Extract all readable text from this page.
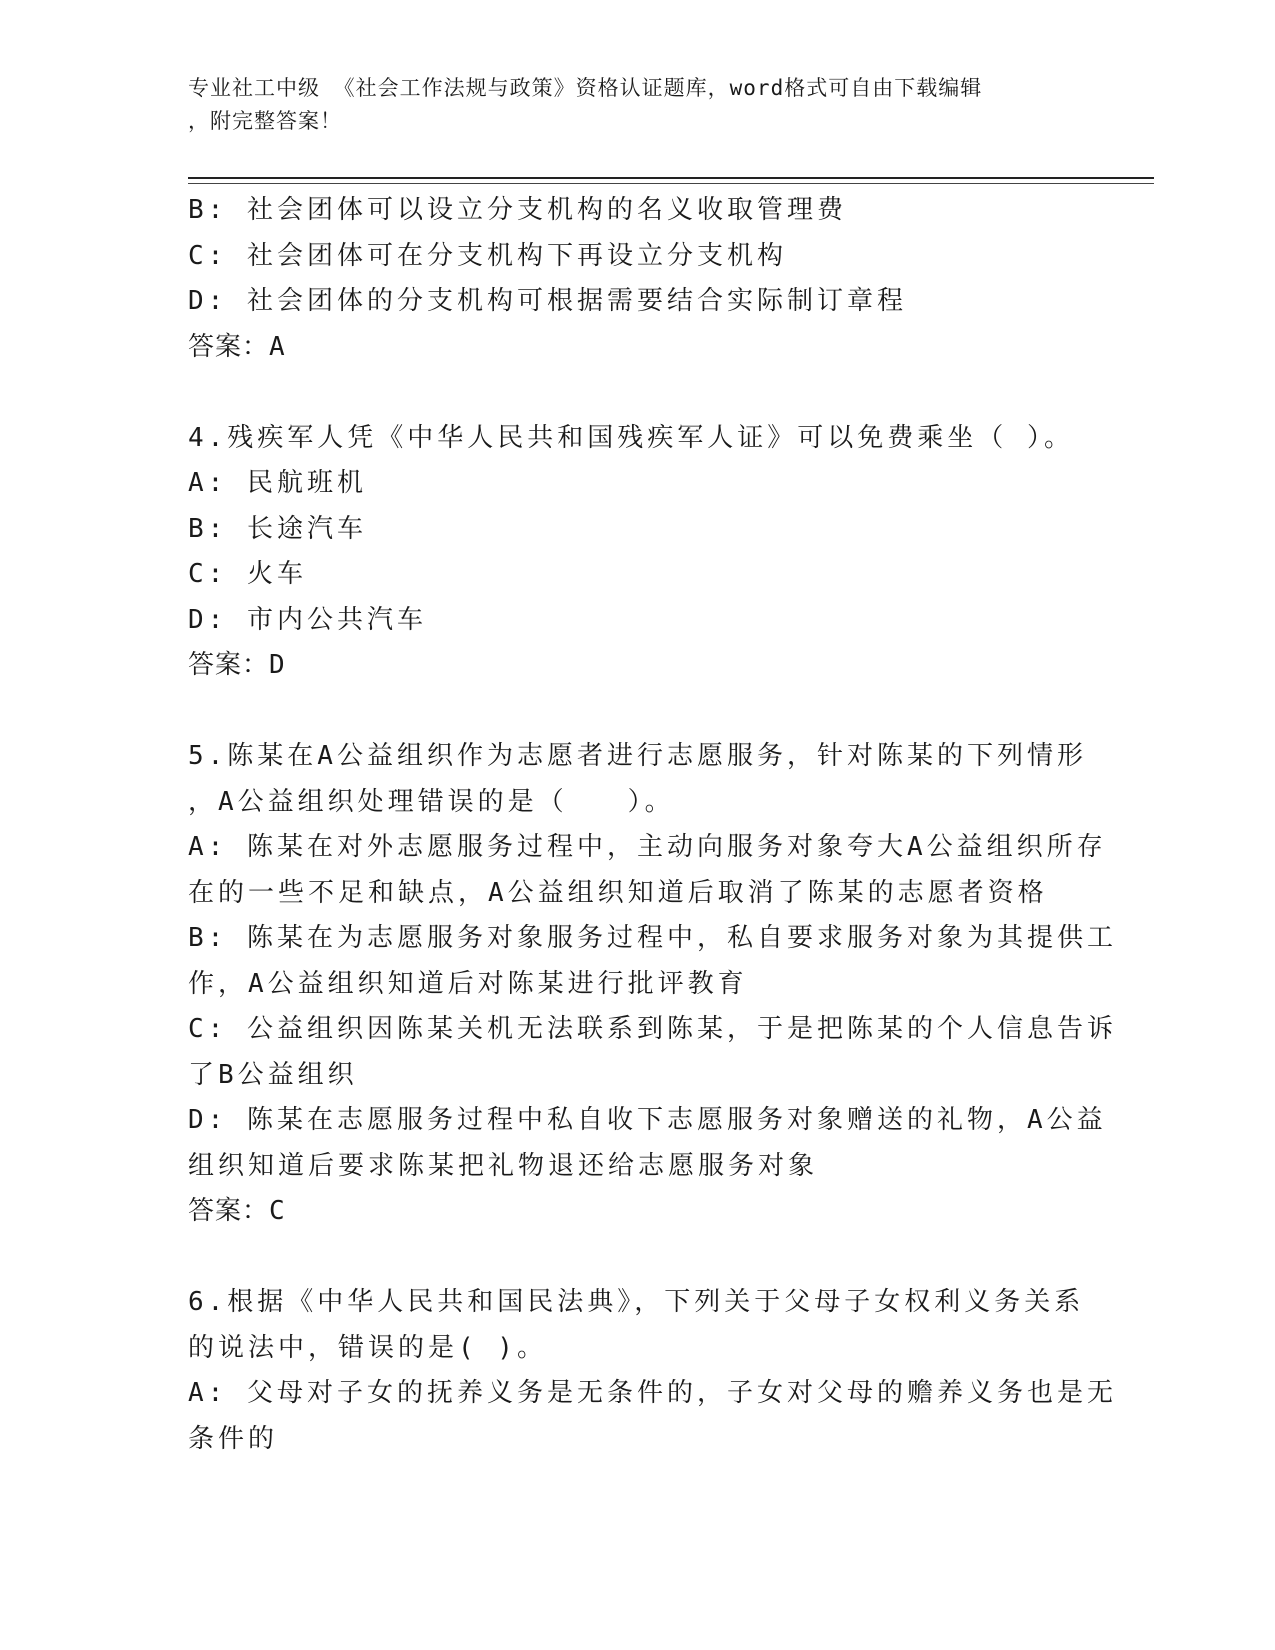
专业社工中级 《社会工作法规与政策》资格认证题库，word格式可自由下载编辑
，附完整答案！
B: 社会团体可以设立分支机构的名义收取管理费
C: 社会团体可在分支机构下再设立分支机构
D: 社会团体的分支机构可根据需要结合实际制订章程
答案：A
4.残疾军人凭《中华人民共和国残疾军人证》可以免费乘坐（ ）。
A: 民航班机
B: 长途汽车
C: 火车
D: 市内公共汽车
答案：D
5.陈某在A公益组织作为志愿者进行志愿服务，针对陈某的下列情形
，A公益组织处理错误的是（　　）。
A: 陈某在对外志愿服务过程中，主动向服务对象夸大A公益组织所存
在的一些不足和缺点，A公益组织知道后取消了陈某的志愿者资格
B: 陈某在为志愿服务对象服务过程中，私自要求服务对象为其提供工
作，A公益组织知道后对陈某进行批评教育
C: 公益组织因陈某关机无法联系到陈某，于是把陈某的个人信息告诉
了B公益组织
D: 陈某在志愿服务过程中私自收下志愿服务对象赠送的礼物，A公益
组织知道后要求陈某把礼物退还给志愿服务对象
答案：C
6.根据《中华人民共和国民法典》，下列关于父母子女权利义务关系
的说法中，错误的是( )。
A: 父母对子女的抚养义务是无条件的，子女对父母的赡养义务也是无
条件的
